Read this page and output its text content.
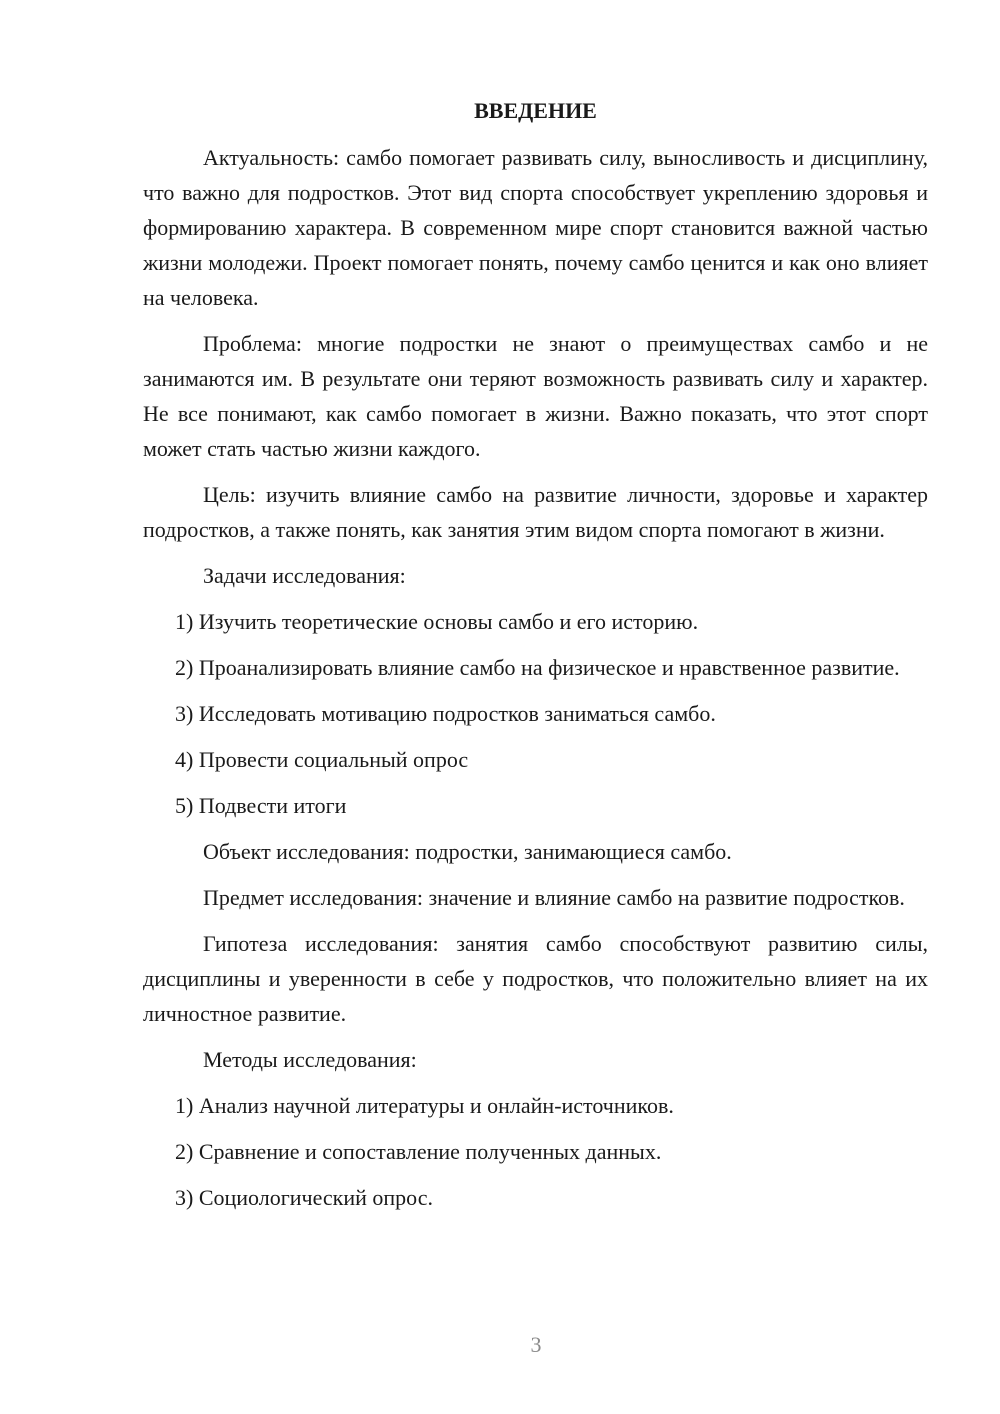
ВВЕДЕНИЕ

Актуальность: самбо помогает развивать силу, выносливость и дисциплину, что важно для подростков. Этот вид спорта способствует укреплению здоровья и формированию характера. В современном мире спорт становится важной частью жизни молодежи. Проект помогает понять, почему самбо ценится и как оно влияет на человека.

Проблема: многие подростки не знают о преимуществах самбо и не занимаются им. В результате они теряют возможность развивать силу и характер. Не все понимают, как самбо помогает в жизни. Важно показать, что этот спорт может стать частью жизни каждого.

Цель: изучить влияние самбо на развитие личности, здоровье и характер подростков, а также понять, как занятия этим видом спорта помогают в жизни.

Задачи исследования:

1) Изучить теоретические основы самбо и его историю.

2) Проанализировать влияние самбо на физическое и нравственное развитие.

3) Исследовать мотивацию подростков заниматься самбо.

4) Провести социальный опрос

5) Подвести итоги

Объект исследования: подростки, занимающиеся самбо.

Предмет исследования: значение и влияние самбо на развитие подростков.

Гипотеза исследования: занятия самбо способствуют развитию силы, дисциплины и уверенности в себе у подростков, что положительно влияет на их личностное развитие.

Методы исследования:

1) Анализ научной литературы и онлайн-источников.

2) Сравнение и сопоставление полученных данных.

3) Социологический опрос.

3
